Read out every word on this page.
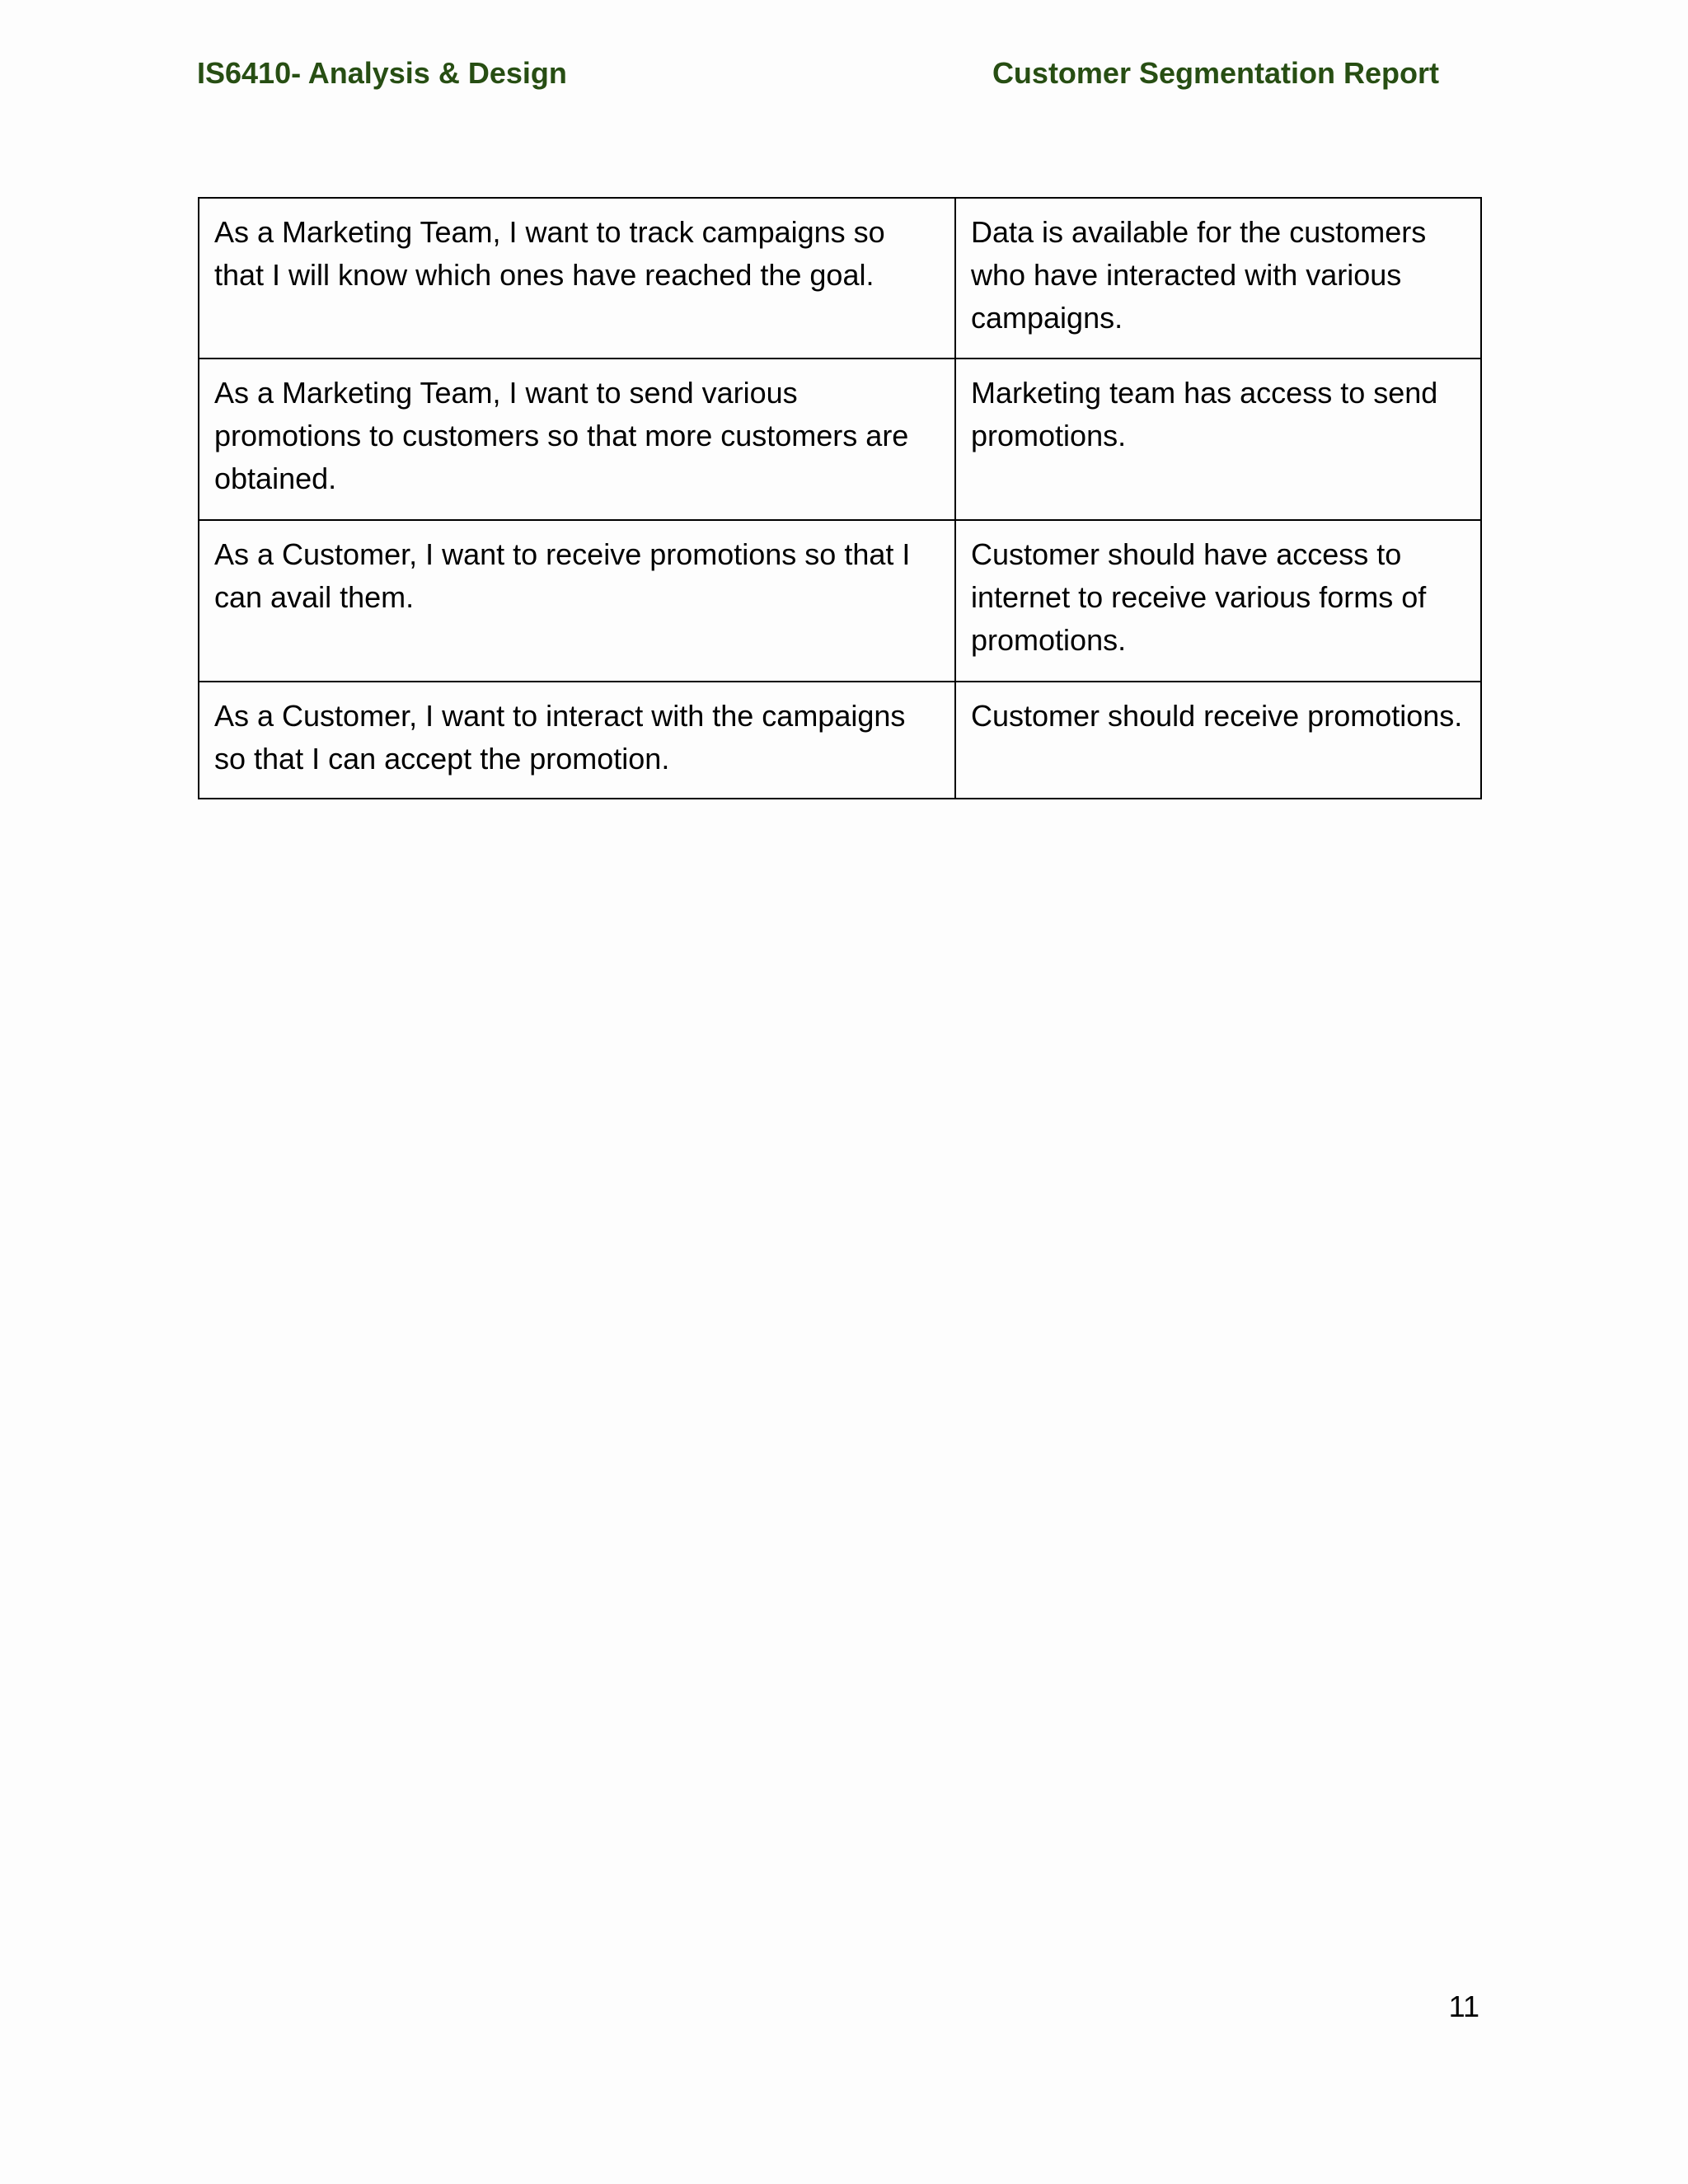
IS6410- Analysis & Design	Customer Segmentation Report
As a Marketing Team, I want to track campaigns so that I will know which ones have reached the goal.	Data is available for the customers who have interacted with various campaigns.
As a Marketing Team, I want to send various promotions to customers so that more customers are obtained.	Marketing team has access to send promotions.
As a Customer, I want to receive promotions so that I can avail them.	Customer should have access to internet to receive various forms of promotions.
As a Customer, I want to interact with the campaigns so that I can accept the promotion.	Customer should receive promotions.
11
